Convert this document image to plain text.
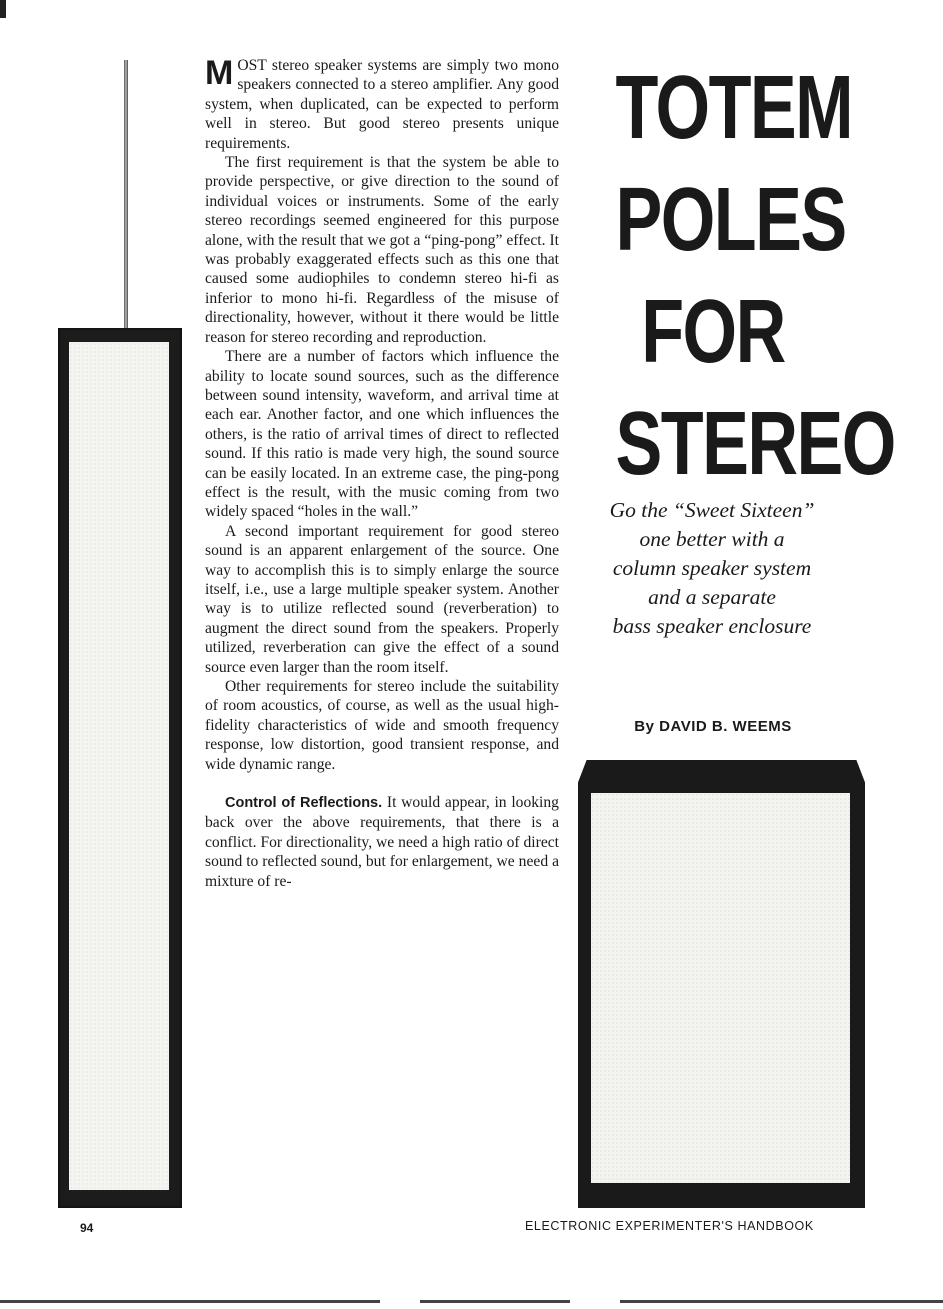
MOST stereo speaker systems are simply two mono speakers connected to a stereo amplifier. Any good system, when duplicated, can be expected to perform well in stereo. But good stereo presents unique requirements.

The first requirement is that the system be able to provide perspective, or give direction to the sound of individual voices or instruments. Some of the early stereo recordings seemed engineered for this purpose alone, with the result that we got a “ping-pong” effect. It was probably exaggerated effects such as this one that caused some audiophiles to condemn stereo hi-fi as inferior to mono hi-fi. Regardless of the misuse of directionality, however, without it there would be little reason for stereo recording and reproduction.

There are a number of factors which influence the ability to locate sound sources, such as the difference between sound intensity, waveform, and arrival time at each ear. Another factor, and one which influences the others, is the ratio of arrival times of direct to reflected sound. If this ratio is made very high, the sound source can be easily located. In an extreme case, the ping-pong effect is the result, with the music coming from two widely spaced “holes in the wall.”

A second important requirement for good stereo sound is an apparent enlargement of the source. One way to accomplish this is to simply enlarge the source itself, i.e., use a large multiple speaker system. Another way is to utilize reflected sound (reverberation) to augment the direct sound from the speakers. Properly utilized, reverberation can give the effect of a sound source even larger than the room itself.

Other requirements for stereo include the suitability of room acoustics, of course, as well as the usual high-fidelity characteristics of wide and smooth frequency response, low distortion, good transient response, and wide dynamic range.

Control of Reflections. It would appear, in looking back over the above requirements, that there is a conflict. For directionality, we need a high ratio of direct sound to reflected sound, but for enlargement, we need a mixture of re-

TOTEM
POLES
FOR
STEREO
Go the “Sweet Sixteen”
one better with a
column speaker system
and a separate
bass speaker enclosure
By DAVID B. WEEMS
94	ELECTRONIC EXPERIMENTER'S HANDBOOK
